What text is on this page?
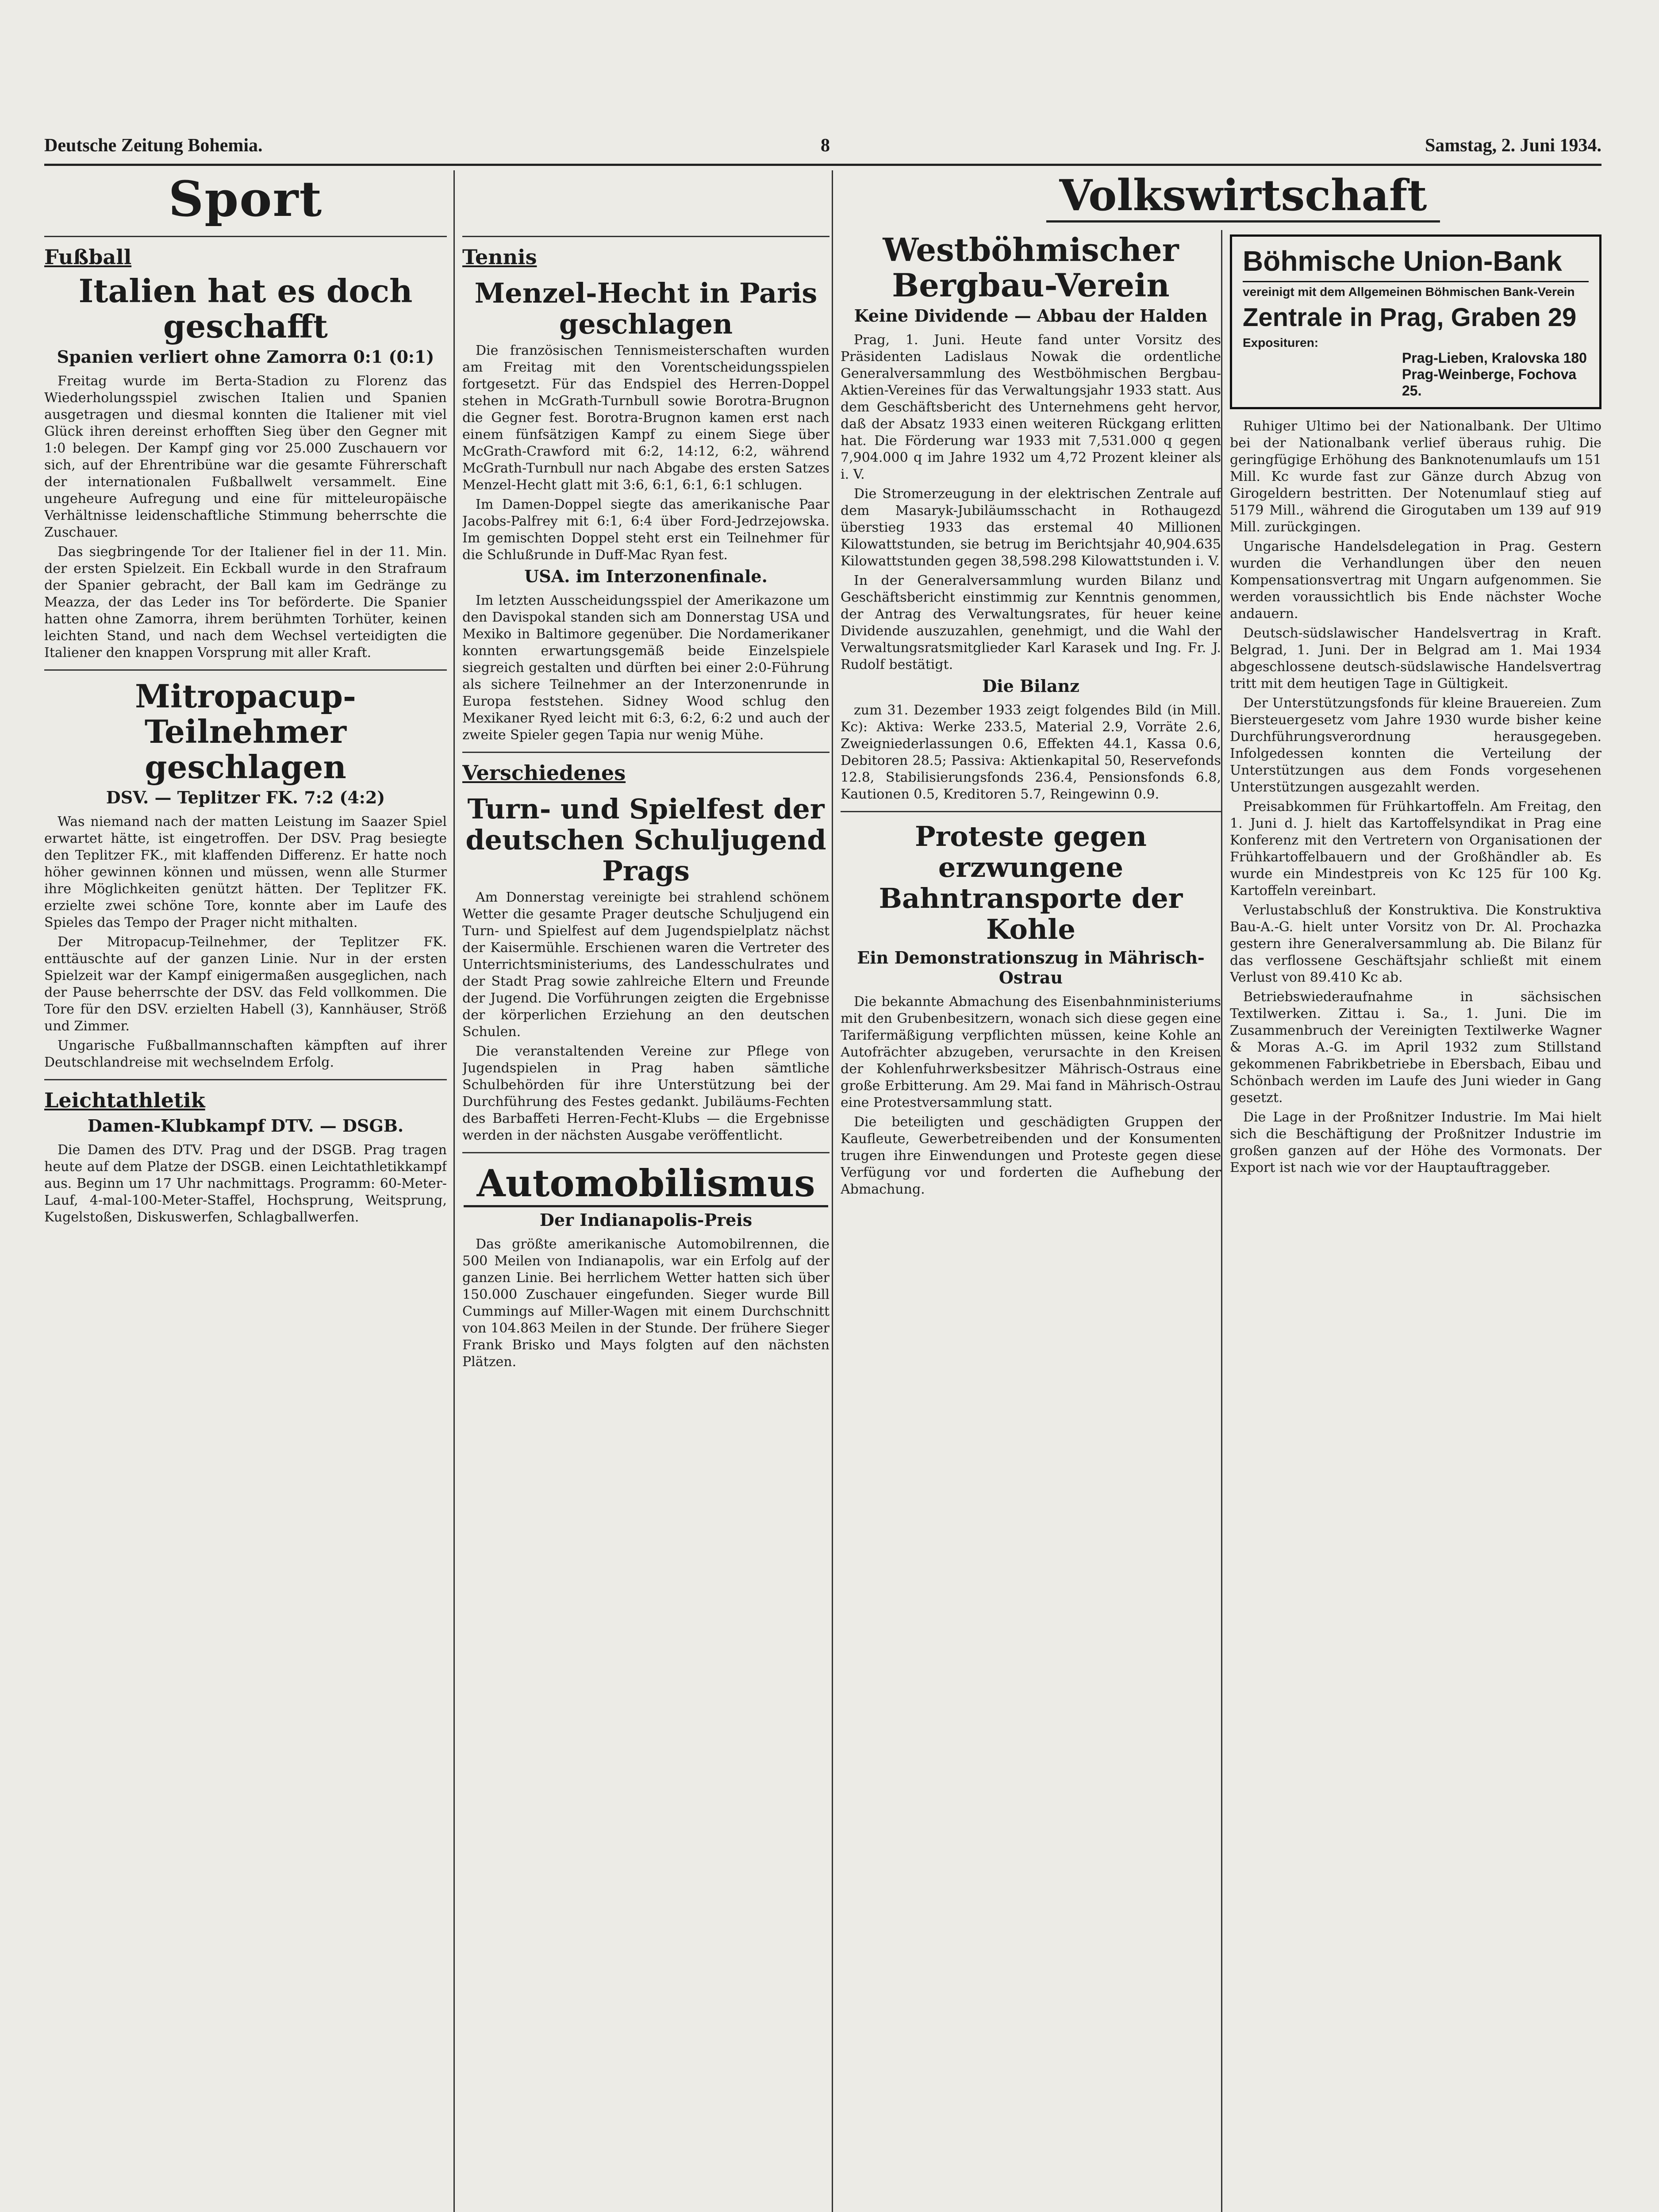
Deutsche Zeitung Bohemia.	8	Samstag, 2. Juni 1934.
Sport
Fußball
Italien hat es doch geschafft
Spanien verliert ohne Zamorra 0:1 (0:1)

Freitag wurde im Berta-Stadion zu Florenz das Wiederholungsspiel zwischen Italien und Spanien ausgetragen und diesmal konnten die Italiener mit viel Glück ihren dereinst erhofften Sieg über den Gegner mit 1:0 belegen. Der Kampf ging vor 25.000 Zuschauern vor sich, auf der Ehrentribüne war die gesamte Führerschaft der internationalen Fußballwelt versammelt. Eine ungeheure Aufregung und eine für mitteleuropäische Verhältnisse leidenschaftliche Stimmung beherrschte die Zuschauer.

Das siegbringende Tor der Italiener fiel in der 11. Min. der ersten Spielzeit. Ein Eckball wurde in den Strafraum der Spanier gebracht, der Ball kam im Gedränge zu Meazza, der das Leder ins Tor beförderte. Die Spanier hatten ohne Zamorra, ihrem berühmten Torhüter, keinen leichten Stand, und nach dem Wechsel verteidigten die Italiener den knappen Vorsprung mit aller Kraft.

Mitropacup-Teilnehmer geschlagen
DSV. — Teplitzer FK. 7:2 (4:2)

Was niemand nach der matten Leistung im Saazer Spiel erwartet hätte, ist eingetroffen. Der DSV. Prag besiegte den Teplitzer FK., mit klaffenden Differenz. Er hatte noch höher gewinnen können und müssen, wenn alle Sturmer ihre Möglichkeiten genützt hätten. Der Teplitzer FK. erzielte zwei schöne Tore, konnte aber im Laufe des Spieles das Tempo der Prager nicht mithalten.

Der Mitropacup-Teilnehmer, der Teplitzer FK. enttäuschte auf der ganzen Linie. Nur in der ersten Spielzeit war der Kampf einigermaßen ausgeglichen, nach der Pause beherrschte der DSV. das Feld vollkommen. Die Tore für den DSV. erzielten Habell (3), Kannhäuser, Ströß und Zimmer.

Ungarische Fußballmannschaften kämpften auf ihrer Deutschlandreise mit wechselndem Erfolg.

Leichtathletik
Damen-Klubkampf DTV. — DSGB.

Die Damen des DTV. Prag und der DSGB. Prag tragen heute auf dem Platze der DSGB. einen Leichtathletikkampf aus. Beginn um 17 Uhr nachmittags. Programm: 60-Meter-Lauf, 4-mal-100-Meter-Staffel, Hochsprung, Weitsprung, Kugelstoßen, Diskuswerfen, Schlagballwerfen.

Tennis
Menzel-Hecht in Paris geschlagen

Die französischen Tennismeisterschaften wurden am Freitag mit den Vorentscheidungsspielen fortgesetzt. Für das Endspiel des Herren-Doppel stehen in McGrath-Turnbull sowie Borotra-Brugnon die Gegner fest. Borotra-Brugnon kamen erst nach einem fünfsätzigen Kampf zu einem Siege über McGrath-Crawford mit 6:2, 14:12, 6:2, während McGrath-Turnbull nur nach Abgabe des ersten Satzes Menzel-Hecht glatt mit 3:6, 6:1, 6:1, 6:1 schlugen.

Im Damen-Doppel siegte das amerikanische Paar Jacobs-Palfrey mit 6:1, 6:4 über Ford-Jedrzejowska. Im gemischten Doppel steht erst ein Teilnehmer für die Schlußrunde in Duff-Mac Ryan fest.

USA. im Interzonenfinale.

Im letzten Ausscheidungsspiel der Amerikazone um den Davispokal standen sich am Donnerstag USA und Mexiko in Baltimore gegenüber. Die Nordamerikaner konnten erwartungsgemäß beide Einzelspiele siegreich gestalten und dürften bei einer 2:0-Führung als sichere Teilnehmer an der Interzonenrunde in Europa feststehen. Sidney Wood schlug den Mexikaner Ryed leicht mit 6:3, 6:2, 6:2 und auch der zweite Spieler gegen Tapia nur wenig Mühe.

Verschiedenes
Turn- und Spielfest der deutschen Schuljugend Prags

Am Donnerstag vereinigte bei strahlend schönem Wetter die gesamte Prager deutsche Schuljugend ein Turn- und Spielfest auf dem Jugendspielplatz nächst der Kaisermühle. Erschienen waren die Vertreter des Unterrichtsministeriums, des Landesschulrates und der Stadt Prag sowie zahlreiche Eltern und Freunde der Jugend. Die Vorführungen zeigten die Ergebnisse der körperlichen Erziehung an den deutschen Schulen.

Die veranstaltenden Vereine zur Pflege von Jugendspielen in Prag haben sämtliche Schulbehörden für ihre Unterstützung bei der Durchführung des Festes gedankt. Jubiläums-Fechten des Barbaffeti Herren-Fecht-Klubs — die Ergebnisse werden in der nächsten Ausgabe veröffentlicht.

Automobilismus
Der Indianapolis-Preis

Das größte amerikanische Automobilrennen, die 500 Meilen von Indianapolis, war ein Erfolg auf der ganzen Linie. Bei herrlichem Wetter hatten sich über 150.000 Zuschauer eingefunden. Sieger wurde Bill Cummings auf Miller-Wagen mit einem Durchschnitt von 104.863 Meilen in der Stunde. Der frühere Sieger Frank Brisko und Mays folgten auf den nächsten Plätzen.

Westböhmischer Bergbau-Verein
Keine Dividende — Abbau der Halden

Prag, 1. Juni. Heute fand unter Vorsitz des Präsidenten Ladislaus Nowak die ordentliche Generalversammlung des Westböhmischen Bergbau-Aktien-Vereines für das Verwaltungsjahr 1933 statt. Aus dem Geschäftsbericht des Unternehmens geht hervor, daß der Absatz 1933 einen weiteren Rückgang erlitten hat. Die Förderung war 1933 mit 7,531.000 q gegen 7,904.000 q im Jahre 1932 um 4,72 Prozent kleiner als i. V.

Die Stromerzeugung in der elektrischen Zentrale auf dem Masaryk-Jubiläumsschacht in Rothaugezd überstieg 1933 das erstemal 40 Millionen Kilowattstunden, sie betrug im Berichtsjahr 40,904.635 Kilowattstunden gegen 38,598.298 Kilowattstunden i. V.

In der Generalversammlung wurden Bilanz und Geschäftsbericht einstimmig zur Kenntnis genommen, der Antrag des Verwaltungsrates, für heuer keine Dividende auszuzahlen, genehmigt, und die Wahl der Verwaltungsratsmitglieder Karl Karasek und Ing. Fr. J. Rudolf bestätigt.

Die Bilanz

zum 31. Dezember 1933 zeigt folgendes Bild (in Mill. Kc): Aktiva: Werke 233.5, Material 2.9, Vorräte 2.6, Zweigniederlassungen 0.6, Effekten 44.1, Kassa 0.6, Debitoren 28.5; Passiva: Aktienkapital 50, Reservefonds 12.8, Stabilisierungsfonds 236.4, Pensionsfonds 6.8, Kautionen 0.5, Kreditoren 5.7, Reingewinn 0.9.

Proteste gegen erzwungene Bahntransporte der Kohle
Ein Demonstrationszug in Mährisch-Ostrau

Die bekannte Abmachung des Eisenbahnministeriums mit den Grubenbesitzern, wonach sich diese gegen eine Tarifermäßigung verpflichten müssen, keine Kohle an Autofrächter abzugeben, verursachte in den Kreisen der Kohlenfuhrwerksbesitzer Mährisch-Ostraus eine große Erbitterung. Am 29. Mai fand in Mährisch-Ostrau eine Protestversammlung statt.

Die beteiligten und geschädigten Gruppen der Kaufleute, Gewerbetreibenden und der Konsumenten trugen ihre Einwendungen und Proteste gegen diese Verfügung vor und forderten die Aufhebung der Abmachung.

Volkswirtschaft
Böhmische Union-Bank
vereinigt mit dem Allgemeinen Böhmischen Bank-Verein
Zentrale in Prag, Graben 29
Exposituren:
Prag-Lieben, Kralovska 180
Prag-Weinberge, Fochova 25.

Ruhiger Ultimo bei der Nationalbank. Der Ultimo bei der Nationalbank verlief überaus ruhig. Die geringfügige Erhöhung des Banknotenumlaufs um 151 Mill. Kc wurde fast zur Gänze durch Abzug von Girogeldern bestritten. Der Notenumlauf stieg auf 5179 Mill., während die Girogutaben um 139 auf 919 Mill. zurückgingen.

Ungarische Handelsdelegation in Prag. Gestern wurden die Verhandlungen über den neuen Kompensationsvertrag mit Ungarn aufgenommen. Sie werden voraussichtlich bis Ende nächster Woche andauern.

Deutsch-südslawischer Handelsvertrag in Kraft. Belgrad, 1. Juni. Der in Belgrad am 1. Mai 1934 abgeschlossene deutsch-südslawische Handelsvertrag tritt mit dem heutigen Tage in Gültigkeit.

Der Unterstützungsfonds für kleine Brauereien. Zum Biersteuergesetz vom Jahre 1930 wurde bisher keine Durchführungsverordnung herausgegeben. Infolgedessen konnten die Verteilung der Unterstützungen aus dem Fonds vorgesehenen Unterstützungen ausgezahlt werden.

Preisabkommen für Frühkartoffeln. Am Freitag, den 1. Juni d. J. hielt das Kartoffelsyndikat in Prag eine Konferenz mit den Vertretern von Organisationen der Frühkartoffelbauern und der Großhändler ab. Es wurde ein Mindestpreis von Kc 125 für 100 Kg. Kartoffeln vereinbart.

Verlustabschluß der Konstruktiva. Die Konstruktiva Bau-A.-G. hielt unter Vorsitz von Dr. Al. Prochazka gestern ihre Generalversammlung ab. Die Bilanz für das verflossene Geschäftsjahr schließt mit einem Verlust von 89.410 Kc ab.

Betriebswiederaufnahme in sächsischen Textilwerken. Zittau i. Sa., 1. Juni. Die im Zusammenbruch der Vereinigten Textilwerke Wagner & Moras A.-G. im April 1932 zum Stillstand gekommenen Fabrikbetriebe in Ebersbach, Eibau und Schönbach werden im Laufe des Juni wieder in Gang gesetzt.

Die Lage in der Proßnitzer Industrie. Im Mai hielt sich die Beschäftigung der Proßnitzer Industrie im großen ganzen auf der Höhe des Vormonats. Der Export ist nach wie vor der Hauptauftraggeber.
